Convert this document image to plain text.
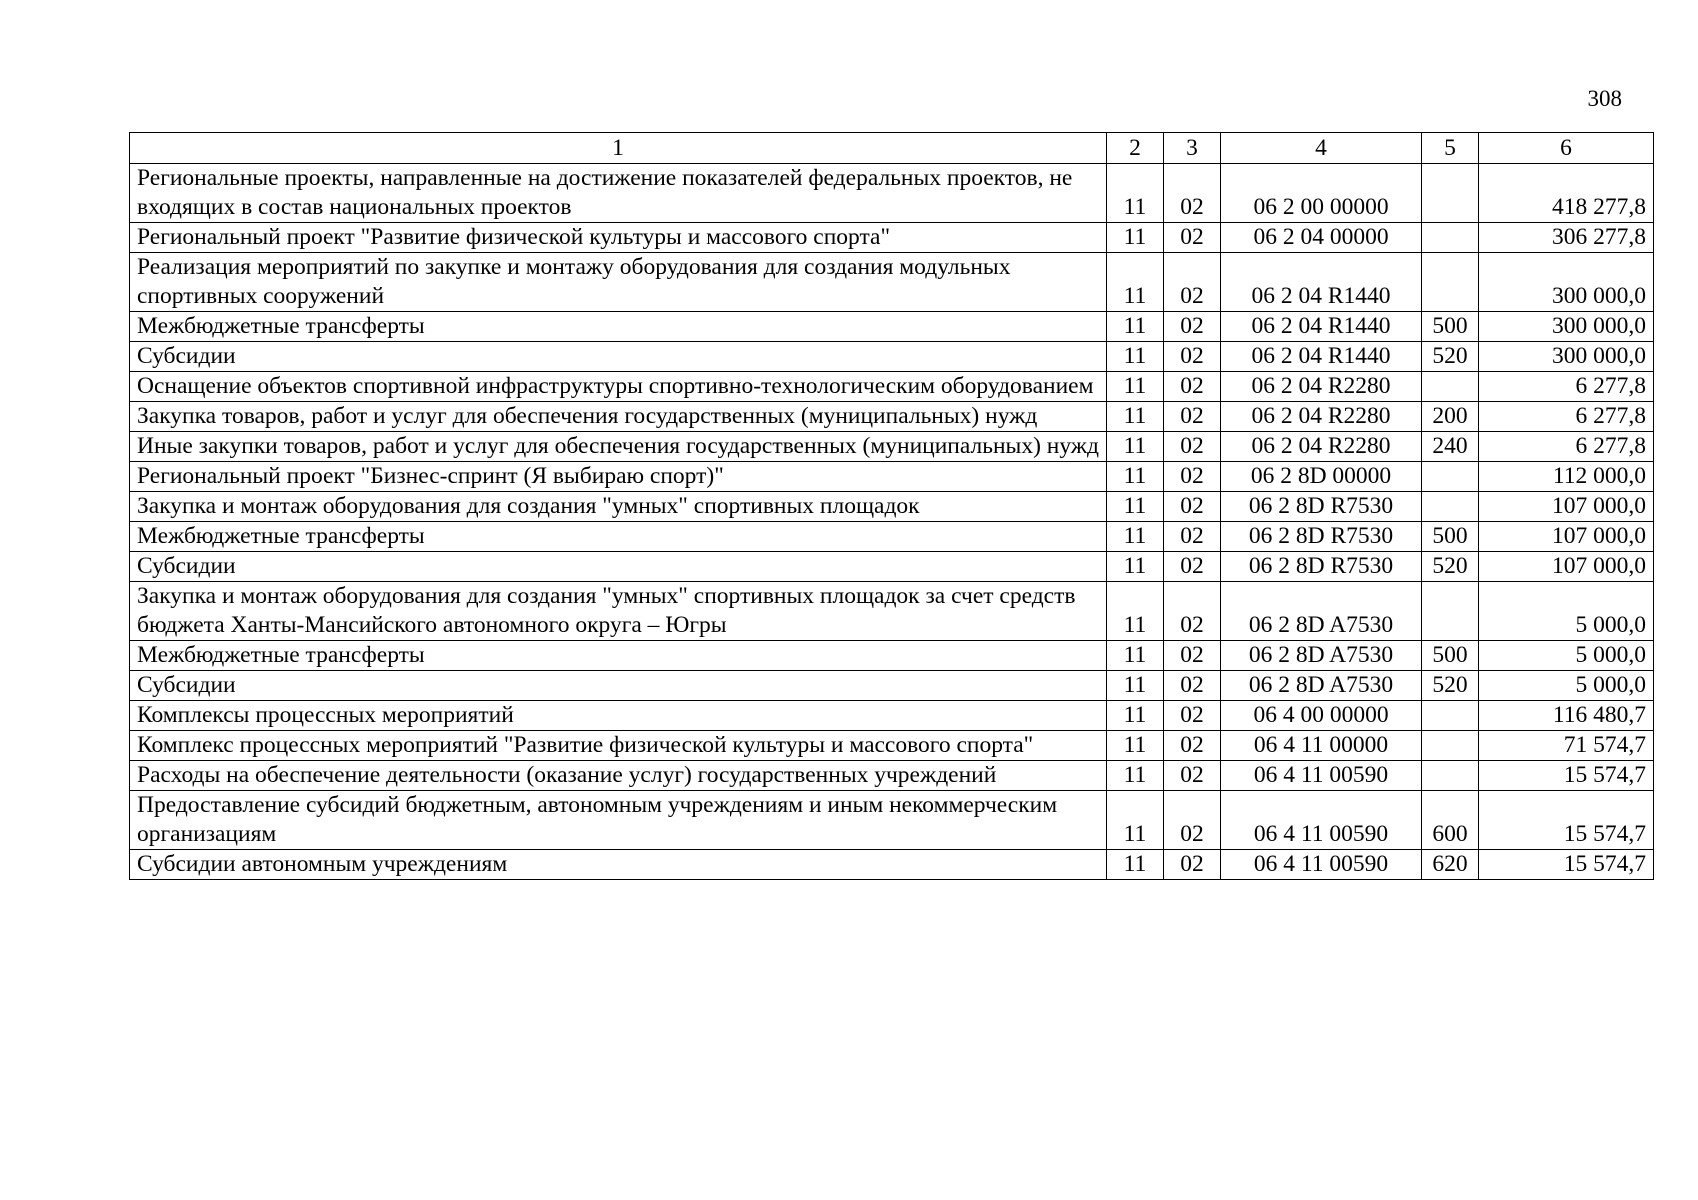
308
1	2	3	4	5	6
Региональные проекты, направленные на достижение показателей федеральных проектов, не входящих в состав национальных проектов	11	02	06 2 00 00000		418 277,8
Региональный проект "Развитие физической культуры и массового спорта"	11	02	06 2 04 00000		306 277,8
Реализация мероприятий по закупке и монтажу оборудования для создания модульных спортивных сооружений	11	02	06 2 04 R1440		300 000,0
Межбюджетные трансферты	11	02	06 2 04 R1440	500	300 000,0
Субсидии	11	02	06 2 04 R1440	520	300 000,0
Оснащение объектов спортивной инфраструктуры спортивно-технологическим оборудованием	11	02	06 2 04 R2280		6 277,8
Закупка товаров, работ и услуг для обеспечения государственных (муниципальных) нужд	11	02	06 2 04 R2280	200	6 277,8
Иные закупки товаров, работ и услуг для обеспечения государственных (муниципальных) нужд	11	02	06 2 04 R2280	240	6 277,8
Региональный проект "Бизнес-спринт (Я выбираю спорт)"	11	02	06 2 8D 00000		112 000,0
Закупка и монтаж оборудования для создания "умных" спортивных площадок	11	02	06 2 8D R7530		107 000,0
Межбюджетные трансферты	11	02	06 2 8D R7530	500	107 000,0
Субсидии	11	02	06 2 8D R7530	520	107 000,0
Закупка и монтаж оборудования для создания "умных" спортивных площадок за счет средств бюджета Ханты-Мансийского автономного округа – Югры	11	02	06 2 8D A7530		5 000,0
Межбюджетные трансферты	11	02	06 2 8D A7530	500	5 000,0
Субсидии	11	02	06 2 8D A7530	520	5 000,0
Комплексы процессных мероприятий	11	02	06 4 00 00000		116 480,7
Комплекс процессных мероприятий "Развитие физической культуры и массового спорта"	11	02	06 4 11 00000		71 574,7
Расходы на обеспечение деятельности (оказание услуг) государственных учреждений	11	02	06 4 11 00590		15 574,7
Предоставление субсидий бюджетным, автономным учреждениям и иным некоммерческим организациям	11	02	06 4 11 00590	600	15 574,7
Субсидии автономным учреждениям	11	02	06 4 11 00590	620	15 574,7
